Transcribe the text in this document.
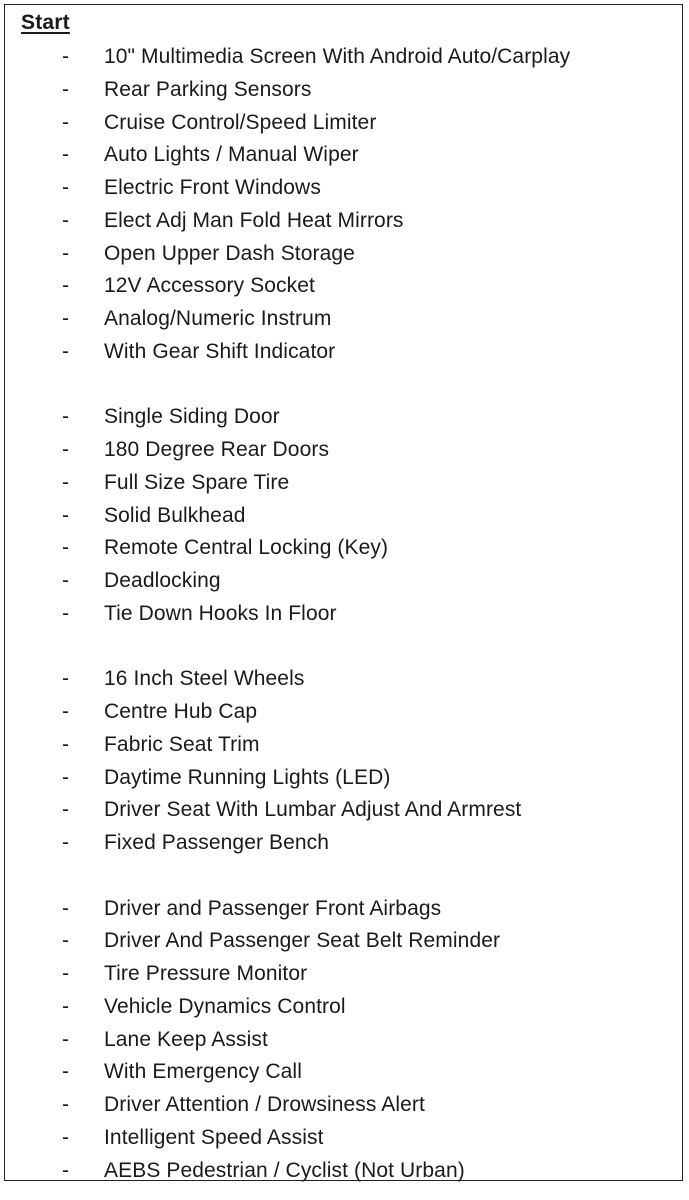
Start
- 10" Multimedia Screen With Android Auto/Carplay
- Rear Parking Sensors
- Cruise Control/Speed Limiter
- Auto Lights / Manual Wiper
- Electric Front Windows
- Elect Adj Man Fold Heat Mirrors
- Open Upper Dash Storage
- 12V Accessory Socket
- Analog/Numeric Instrum
- With Gear Shift Indicator
- Single Siding Door
- 180 Degree Rear Doors
- Full Size Spare Tire
- Solid Bulkhead
- Remote Central Locking (Key)
- Deadlocking
- Tie Down Hooks In Floor
- 16 Inch Steel Wheels
- Centre Hub Cap
- Fabric Seat Trim
- Daytime Running Lights (LED)
- Driver Seat With Lumbar Adjust And Armrest
- Fixed Passenger Bench
- Driver and Passenger Front Airbags
- Driver And Passenger Seat Belt Reminder
- Tire Pressure Monitor
- Vehicle Dynamics Control
- Lane Keep Assist
- With Emergency Call
- Driver Attention / Drowsiness Alert
- Intelligent Speed Assist
- AEBS Pedestrian / Cyclist (Not Urban)
